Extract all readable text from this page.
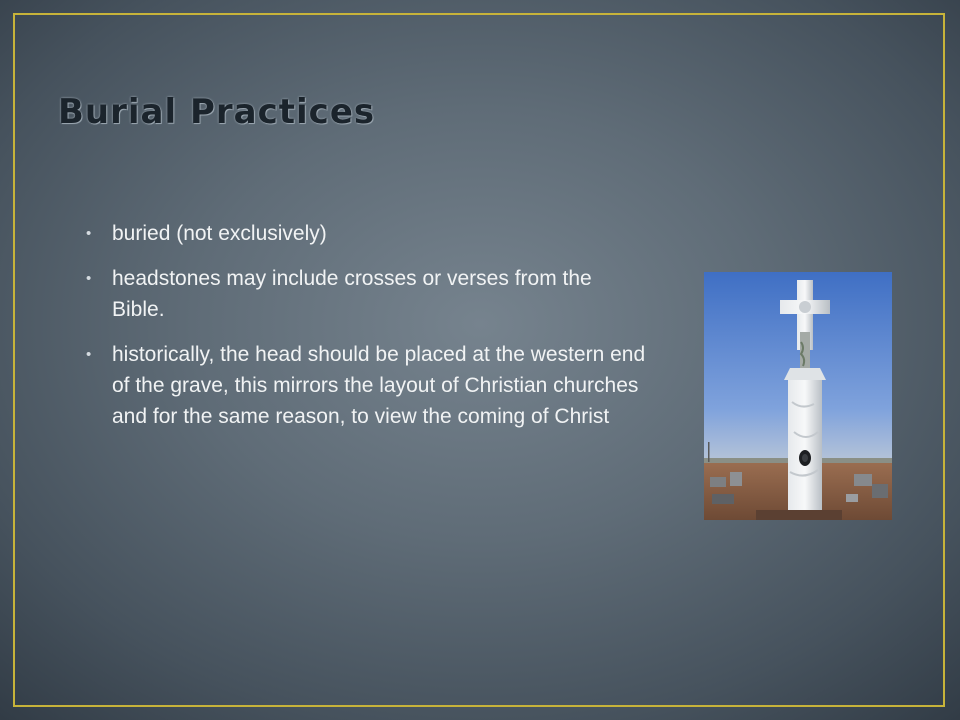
Burial Practices
• buried (not exclusively)
• headstones may include crosses or verses from the Bible.
• historically, the head should be placed at the western end of the grave, this mirrors the layout of Christian churches and for the same reason, to view the coming of Christ
